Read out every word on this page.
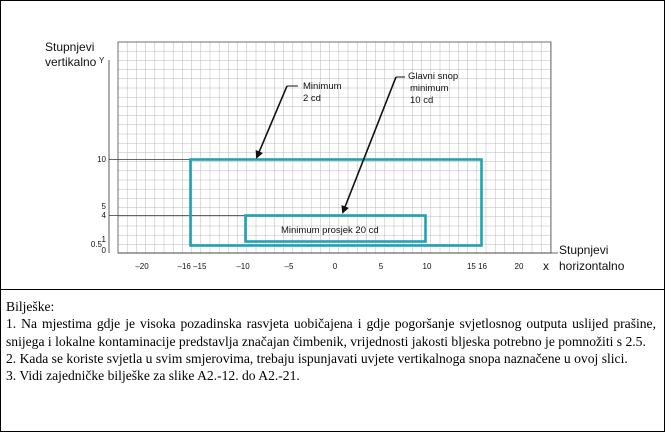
Stupnjevi
vertikalno Y
Stupnjevi
horizontalno
x
–20	–16 –15	–10	–5	0	5	10	15 16	20
10
5
4
1
0.5
0
Minimum
2 cd
Glavni snop
minimum
10 cd
Minimum prosjek 20 cd

Bilješke:

1. Na mjestima gdje je visoka pozadinska rasvjeta uobičajena i gdje pogoršanje svjetlosnog outputa uslijed prašine, snijega i lokalne kontaminacije predstavlja značajan čimbenik, vrijednosti jakosti bljeska potrebno je pomnožiti s 2.5.

2. Kada se koriste svjetla u svim smjerovima, trebaju ispunjavati uvjete vertikalnoga snopa naznačene u ovoj slici.

3. Vidi zajedničke bilješke za slike A2.-12. do A2.-21.
